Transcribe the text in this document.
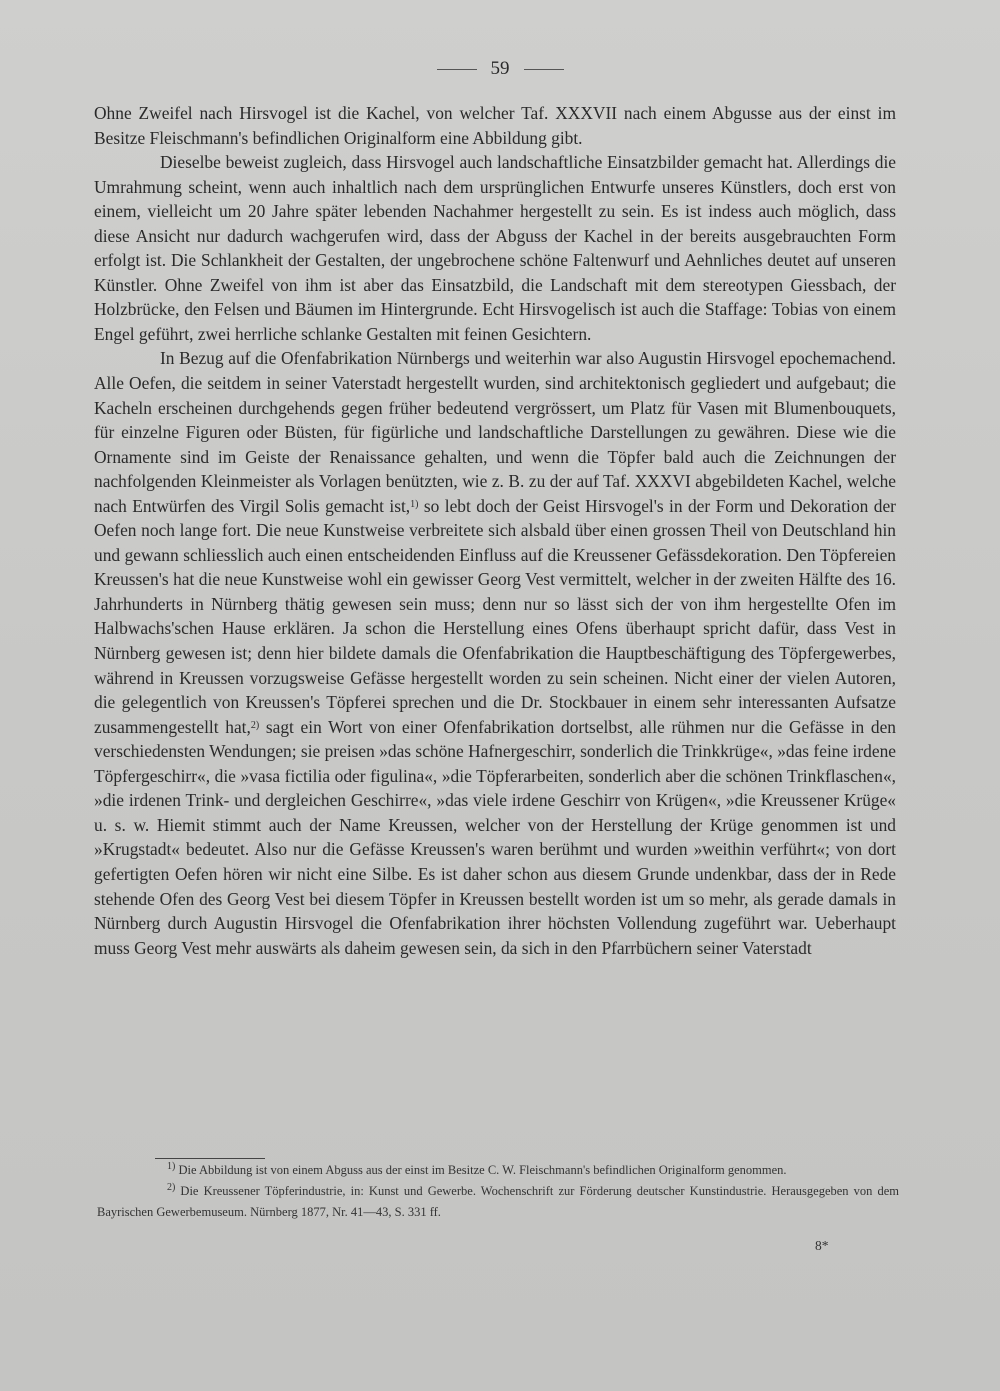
59

Ohne Zweifel nach Hirsvogel ist die Kachel, von welcher Taf. XXXVII nach einem Abgusse aus der einst im Besitze Fleischmann's befindlichen Originalform eine Abbildung gibt.

Dieselbe beweist zugleich, dass Hirsvogel auch landschaftliche Einsatzbilder gemacht hat. Allerdings die Umrahmung scheint, wenn auch inhaltlich nach dem ursprünglichen Entwurfe unseres Künstlers, doch erst von einem, vielleicht um 20 Jahre später lebenden Nachahmer hergestellt zu sein. Es ist indess auch möglich, dass diese Ansicht nur dadurch wachgerufen wird, dass der Abguss der Kachel in der bereits ausgebrauchten Form erfolgt ist. Die Schlankheit der Gestalten, der ungebrochene schöne Faltenwurf und Aehnliches deutet auf unseren Künstler. Ohne Zweifel von ihm ist aber das Einsatzbild, die Landschaft mit dem stereotypen Giessbach, der Holzbrücke, den Felsen und Bäumen im Hintergrunde. Echt Hirsvogelisch ist auch die Staffage: Tobias von einem Engel geführt, zwei herrliche schlanke Gestalten mit feinen Gesichtern.

In Bezug auf die Ofenfabrikation Nürnbergs und weiterhin war also Augustin Hirsvogel epochemachend. Alle Oefen, die seitdem in seiner Vaterstadt hergestellt wurden, sind architektonisch gegliedert und aufgebaut; die Kacheln erscheinen durchgehends gegen früher bedeutend vergrössert, um Platz für Vasen mit Blumenbouquets, für einzelne Figuren oder Büsten, für figürliche und landschaftliche Darstellungen zu gewähren. Diese wie die Ornamente sind im Geiste der Renaissance gehalten, und wenn die Töpfer bald auch die Zeichnungen der nachfolgenden Kleinmeister als Vorlagen benützten, wie z. B. zu der auf Taf. XXXVI abgebildeten Kachel, welche nach Entwürfen des Virgil Solis gemacht ist,$^{1)}$ so lebt doch der Geist Hirsvogel's in der Form und Dekoration der Oefen noch lange fort. Die neue Kunstweise verbreitete sich alsbald über einen grossen Theil von Deutschland hin und gewann schliesslich auch einen entscheidenden Einfluss auf die Kreussener Gefässdekoration. Den Töpfereien Kreussen's hat die neue Kunstweise wohl ein gewisser Georg Vest vermittelt, welcher in der zweiten Hälfte des 16. Jahrhunderts in Nürnberg thätig gewesen sein muss; denn nur so lässt sich der von ihm hergestellte Ofen im Halbwachs'schen Hause erklären. Ja schon die Herstellung eines Ofens überhaupt spricht dafür, dass Vest in Nürnberg gewesen ist; denn hier bildete damals die Ofenfabrikation die Hauptbeschäftigung des Töpfergewerbes, während in Kreussen vorzugsweise Gefässe hergestellt worden zu sein scheinen. Nicht einer der vielen Autoren, die gelegentlich von Kreussen's Töpferei sprechen und die Dr. Stockbauer in einem sehr interessanten Aufsatze zusammengestellt hat,$^{2)}$ sagt ein Wort von einer Ofenfabrikation dortselbst, alle rühmen nur die Gefässe in den verschiedensten Wendungen; sie preisen »das schöne Hafnergeschirr, sonderlich die Trinkkrüge«, »das feine irdene Töpfergeschirr«, die »vasa fictilia oder figulina«, »die Töpferarbeiten, sonderlich aber die schönen Trinkflaschen«, »die irdenen Trink- und dergleichen Geschirre«, »das viele irdene Geschirr von Krügen«, »die Kreussener Krüge« u. s. w. Hiemit stimmt auch der Name Kreussen, welcher von der Herstellung der Krüge genommen ist und »Krugstadt« bedeutet. Also nur die Gefässe Kreussen's waren berühmt und wurden »weithin verführt«; von dort gefertigten Oefen hören wir nicht eine Silbe. Es ist daher schon aus diesem Grunde undenkbar, dass der in Rede stehende Ofen des Georg Vest bei diesem Töpfer in Kreussen bestellt worden ist um so mehr, als gerade damals in Nürnberg durch Augustin Hirsvogel die Ofenfabrikation ihrer höchsten Vollendung zugeführt war. Ueberhaupt muss Georg Vest mehr auswärts als daheim gewesen sein, da sich in den Pfarrbüchern seiner Vaterstadt

$^{1)}$ Die Abbildung ist von einem Abguss aus der einst im Besitze C. W. Fleischmann's befindlichen Originalform genommen.

$^{2)}$ Die Kreussener Töpferindustrie, in: Kunst und Gewerbe. Wochenschrift zur Förderung deutscher Kunstindustrie. Herausgegeben von dem Bayrischen Gewerbemuseum. Nürnberg 1877, Nr. 41—43, S. 331 ff.

8*
